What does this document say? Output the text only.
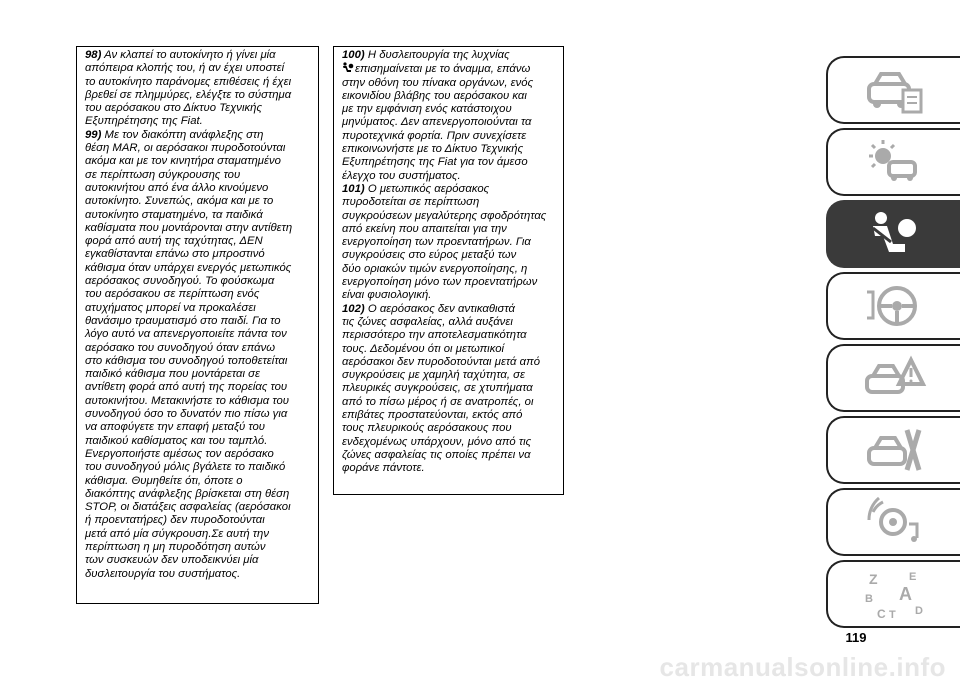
98) Αν κλαπεί το αυτοκίνητο ή γίνει μία
απόπειρα κλοπής του, ή αν έχει υποστεί
το αυτοκίνητο παράνομες επιθέσεις ή έχει
βρεθεί σε πλημμύρες, ελέγξτε το σύστημα
του αερόσακου στο Δίκτυο Τεχνικής
Εξυπηρέτησης της Fiat.

99) Με τον διακόπτη ανάφλεξης στη
θέση MAR, οι αερόσακοι πυροδοτούνται
ακόμα και με τον κινητήρα σταματημένο
σε περίπτωση σύγκρουσης του
αυτοκινήτου από ένα άλλο κινούμενο
αυτοκίνητο. Συνεπώς, ακόμα και με το
αυτοκίνητο σταματημένο, τα παιδικά
καθίσματα που μοντάρονται στην αντίθετη
φορά από αυτή της ταχύτητας, ΔΕΝ
εγκαθίστανται επάνω στο μπροστινό
κάθισμα όταν υπάρχει ενεργός μετωπικός
αερόσακος συνοδηγού. Το φούσκωμα
του αερόσακου σε περίπτωση ενός
ατυχήματος μπορεί να προκαλέσει
θανάσιμο τραυματισμό στο παιδί. Για το
λόγο αυτό να απενεργοποιείτε πάντα τον
αερόσακο του συνοδηγού όταν επάνω
στο κάθισμα του συνοδηγού τοποθετείται
παιδικό κάθισμα που μοντάρεται σε
αντίθετη φορά από αυτή της πορείας του
αυτοκινήτου. Μετακινήστε το κάθισμα του
συνοδηγού όσο το δυνατόν πιο πίσω για
να αποφύγετε την επαφή μεταξύ του
παιδικού καθίσματος και του ταμπλό.
Ενεργοποιήστε αμέσως τον αερόσακο
του συνοδηγού μόλις βγάλετε το παιδικό
κάθισμα. Θυμηθείτε ότι, όποτε ο
διακόπτης ανάφλεξης βρίσκεται στη θέση
STOP, οι διατάξεις ασφαλείας (αερόσακοι
ή προεντατήρες) δεν πυροδοτούνται
μετά από μία σύγκρουση.Σε αυτή την
περίπτωση η μη πυροδότηση αυτών
των συσκευών δεν υποδεικνύει μία
δυσλειτουργία του συστήματος.

100) Η δυσλειτουργία της λυχνίας
επισημαίνεται με το άναμμα, επάνω
στην οθόνη του πίνακα οργάνων, ενός
εικονιδίου βλάβης του αερόσακου και
με την εμφάνιση ενός κατάστοιχου
μηνύματος. Δεν απενεργοποιούνται τα
πυροτεχνικά φορτία. Πριν συνεχίσετε
επικοινωνήστε με το Δίκτυο Τεχνικής
Εξυπηρέτησης της Fiat για τον άμεσο
έλεγχο του συστήματος.

101) Ο μετωπικός αερόσακος
πυροδοτείται σε περίπτωση
συγκρούσεων μεγαλύτερης σφοδρότητας
από εκείνη που απαιτείται για την
ενεργοποίηση των προεντατήρων. Για
συγκρούσεις στο εύρος μεταξύ των
δύο οριακών τιμών ενεργοποίησης, η
ενεργοποίηση μόνο των προεντατήρων
είναι φυσιολογική.

102) Ο αερόσακος δεν αντικαθιστά
τις ζώνες ασφαλείας, αλλά αυξάνει
περισσότερο την αποτελεσματικότητα
τους. Δεδομένου ότι οι μετωπικοί
αερόσακοι δεν πυροδοτούνται μετά από
συγκρούσεις με χαμηλή ταχύτητα, σε
πλευρικές συγκρούσεις, σε χτυπήματα
από το πίσω μέρος ή σε ανατροπές, οι
επιβάτες προστατεύονται, εκτός από
τους πλευρικούς αερόσακους που
ενδεχομένως υπάρχουν, μόνο από τις
ζώνες ασφαλείας τις οποίες πρέπει να
φοράνε πάντοτε.

Z	E
B A
C T D
119
carmanualsonline.info
